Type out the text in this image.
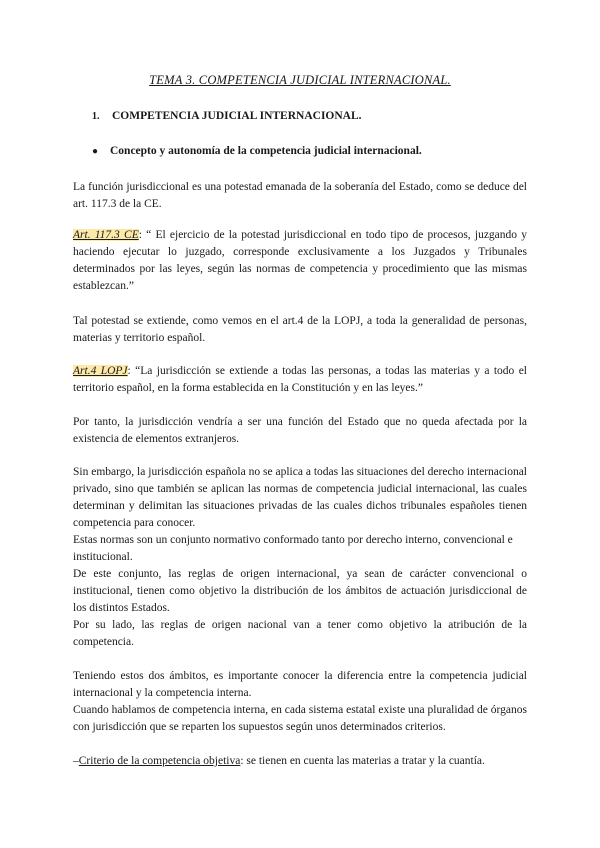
TEMA 3. COMPETENCIA JUDICIAL INTERNACIONAL.
1. COMPETENCIA JUDICIAL INTERNACIONAL.
● Concepto y autonomía de la competencia judicial internacional.

La función jurisdiccional es una potestad emanada de la soberanía del Estado, como se deduce del art. 117.3 de la CE.

Art. 117.3 CE: “ El ejercicio de la potestad jurisdiccional en todo tipo de procesos, juzgando y haciendo ejecutar lo juzgado, corresponde exclusivamente a los Juzgados y Tribunales determinados por las leyes, según las normas de competencia y procedimiento que las mismas establezcan.”

Tal potestad se extiende, como vemos en el art.4 de la LOPJ, a toda la generalidad de personas, materias y territorio español.

Art.4 LOPJ: “La jurisdicción se extiende a todas las personas, a todas las materias y a todo el territorio español, en la forma establecida en la Constitución y en las leyes.”

Por tanto, la jurisdicción vendría a ser una función del Estado que no queda afectada por la existencia de elementos extranjeros.

Sin embargo, la jurisdicción española no se aplica a todas las situaciones del derecho internacional privado, sino que también se aplican las normas de competencia judicial internacional, las cuales determinan y delimitan las situaciones privadas de las cuales dichos tribunales españoles tienen competencia para conocer.

Estas normas son un conjunto normativo conformado tanto por derecho interno, convencional e institucional.

De este conjunto, las reglas de origen internacional, ya sean de carácter convencional o institucional, tienen como objetivo la distribución de los ámbitos de actuación jurisdiccional de los distintos Estados.

Por su lado, las reglas de origen nacional van a tener como objetivo la atribución de la competencia.

Teniendo estos dos ámbitos, es importante conocer la diferencia entre la competencia judicial internacional y la competencia interna.

Cuando hablamos de competencia interna, en cada sistema estatal existe una pluralidad de órganos con jurisdicción que se reparten los supuestos según unos determinados criterios.

–Criterio de la competencia objetiva: se tienen en cuenta las materias a tratar y la cuantía.
